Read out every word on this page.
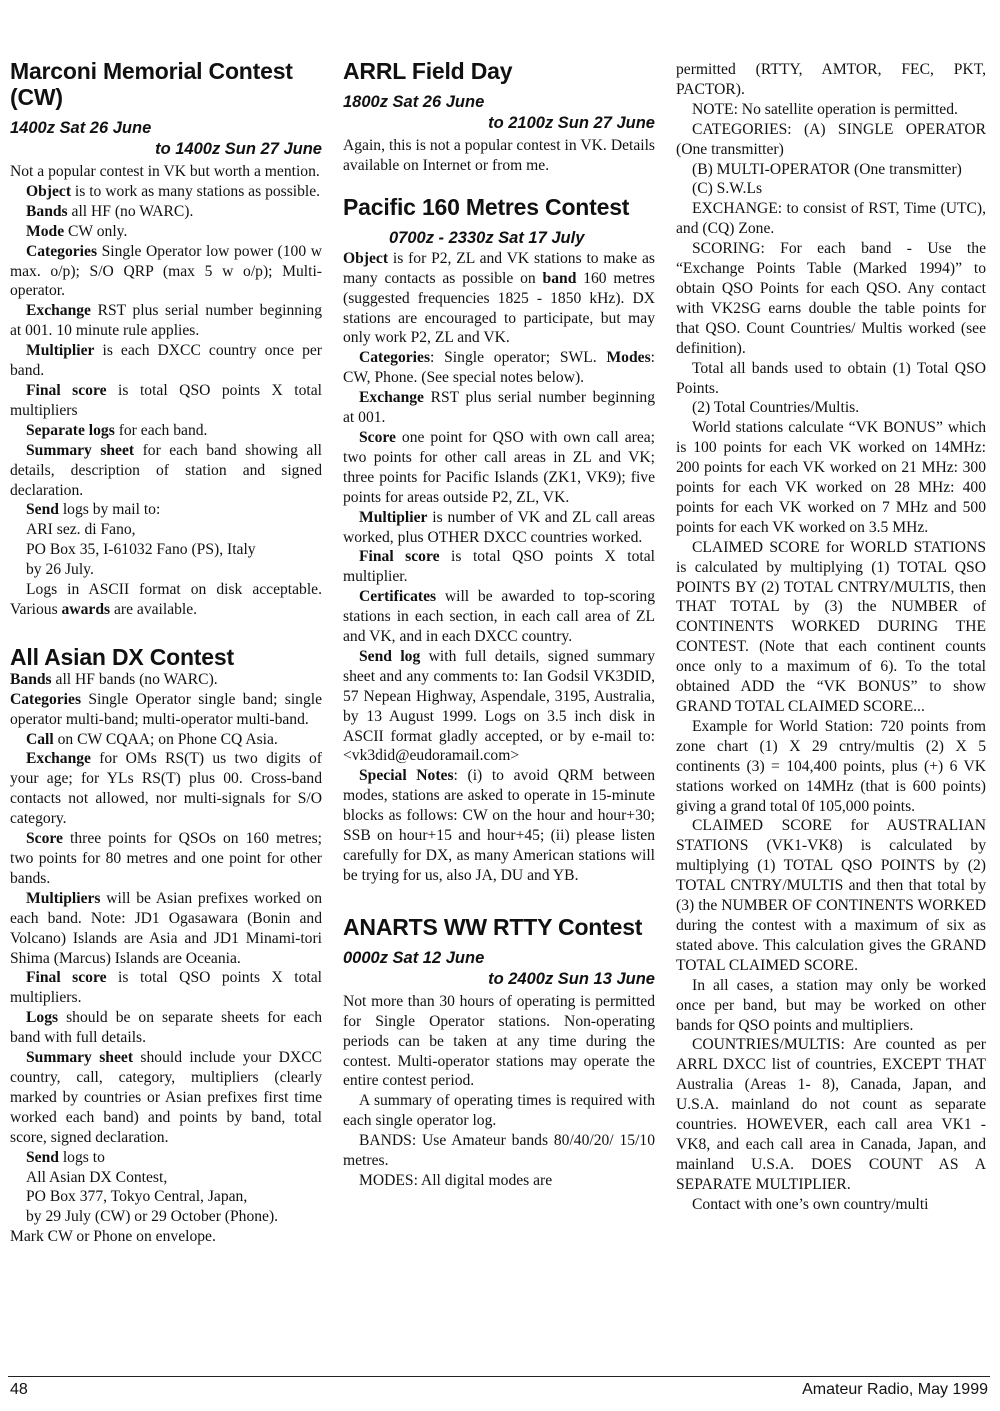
Marconi Memorial Contest (CW)
1400z Sat 26 June
to 1400z Sun 27 June

Not a popular contest in VK but worth a mention.

Object is to work as many stations as possible.

Bands all HF (no WARC).

Mode CW only.

Categories Single Operator low power (100 w max. o/p); S/O QRP (max 5 w o/p); Multi-operator.

Exchange RST plus serial number beginning at 001. 10 minute rule applies.

Multiplier is each DXCC country once per band.

Final score is total QSO points X total multipliers

Separate logs for each band.

Summary sheet for each band showing all details, description of station and signed declaration.

Send logs by mail to:

ARI sez. di Fano,

PO Box 35, I-61032 Fano (PS), Italy

by 26 July.

Logs in ASCII format on disk acceptable. Various awards are available.

All Asian DX Contest

Bands all HF bands (no WARC).

Categories Single Operator single band; single operator multi-band; multi-operator multi-band.

Call on CW CQAA; on Phone CQ Asia.

Exchange for OMs RS(T) us two digits of your age; for YLs RS(T) plus 00. Cross-band contacts not allowed, nor multi-signals for S/O category.

Score three points for QSOs on 160 metres; two points for 80 metres and one point for other bands.

Multipliers will be Asian prefixes worked on each band. Note: JD1 Ogasawara (Bonin and Volcano) Islands are Asia and JD1 Minami-tori Shima (Marcus) Islands are Oceania.

Final score is total QSO points X total multipliers.

Logs should be on separate sheets for each band with full details.

Summary sheet should include your DXCC country, call, category, multipliers (clearly marked by countries or Asian prefixes first time worked each band) and points by band, total score, signed declaration.

Send logs to

All Asian DX Contest,

PO Box 377, Tokyo Central, Japan,

by 29 July (CW) or 29 October (Phone).

Mark CW or Phone on envelope.

ARRL Field Day
1800z Sat 26 June
to 2100z Sun 27 June

Again, this is not a popular contest in VK. Details available on Internet or from me.

Pacific 160 Metres Contest
0700z - 2330z Sat 17 July

Object is for P2, ZL and VK stations to make as many contacts as possible on band 160 metres (suggested frequencies 1825 - 1850 kHz). DX stations are encouraged to participate, but may only work P2, ZL and VK.

Categories: Single operator; SWL. Modes: CW, Phone. (See special notes below).

Exchange RST plus serial number beginning at 001.

Score one point for QSO with own call area; two points for other call areas in ZL and VK; three points for Pacific Islands (ZK1, VK9); five points for areas outside P2, ZL, VK.

Multiplier is number of VK and ZL call areas worked, plus OTHER DXCC countries worked.

Final score is total QSO points X total multiplier.

Certificates will be awarded to top-scoring stations in each section, in each call area of ZL and VK, and in each DXCC country.

Send log with full details, signed summary sheet and any comments to: Ian Godsil VK3DID, 57 Nepean Highway, Aspendale, 3195, Australia, by 13 August 1999. Logs on 3.5 inch disk in ASCII format gladly accepted, or by e-mail to: <vk3did@eudoramail.com>

Special Notes: (i) to avoid QRM between modes, stations are asked to operate in 15-minute blocks as follows: CW on the hour and hour+30; SSB on hour+15 and hour+45; (ii) please listen carefully for DX, as many American stations will be trying for us, also JA, DU and YB.

ANARTS WW RTTY Contest
0000z Sat 12 June
to 2400z Sun 13 June

Not more than 30 hours of operating is permitted for Single Operator stations. Non-operating periods can be taken at any time during the contest. Multi-operator stations may operate the entire contest period.

A summary of operating times is required with each single operator log.

BANDS: Use Amateur bands 80/40/20/ 15/10 metres.

MODES: All digital modes are

permitted (RTTY, AMTOR, FEC, PKT, PACTOR).

NOTE: No satellite operation is permitted.

CATEGORIES: (A) SINGLE OPERATOR (One transmitter)

(B) MULTI-OPERATOR (One transmitter)

(C) S.W.Ls

EXCHANGE: to consist of RST, Time (UTC), and (CQ) Zone.

SCORING: For each band - Use the “Exchange Points Table (Marked 1994)” to obtain QSO Points for each QSO. Any contact with VK2SG earns double the table points for that QSO. Count Countries/ Multis worked (see definition).

Total all bands used to obtain (1) Total QSO Points.

(2) Total Countries/Multis.

World stations calculate “VK BONUS” which is 100 points for each VK worked on 14MHz: 200 points for each VK worked on 21 MHz: 300 points for each VK worked on 28 MHz: 400 points for each VK worked on 7 MHz and 500 points for each VK worked on 3.5 MHz.

CLAIMED SCORE for WORLD STATIONS is calculated by multiplying (1) TOTAL QSO POINTS BY (2) TOTAL CNTRY/MULTIS, then THAT TOTAL by (3) the NUMBER of CONTINENTS WORKED DURING THE CONTEST. (Note that each continent counts once only to a maximum of 6). To the total obtained ADD the “VK BONUS” to show GRAND TOTAL CLAIMED SCORE...

Example for World Station: 720 points from zone chart (1) X 29 cntry/multis (2) X 5 continents (3) = 104,400 points, plus (+) 6 VK stations worked on 14MHz (that is 600 points) giving a grand total 0f 105,000 points.

CLAIMED SCORE for AUSTRALIAN STATIONS (VK1-VK8) is calculated by multiplying (1) TOTAL QSO POINTS by (2) TOTAL CNTRY/MULTIS and then that total by (3) the NUMBER OF CONTINENTS WORKED during the contest with a maximum of six as stated above. This calculation gives the GRAND TOTAL CLAIMED SCORE.

In all cases, a station may only be worked once per band, but may be worked on other bands for QSO points and multipliers.

COUNTRIES/MULTIS: Are counted as per ARRL DXCC list of countries, EXCEPT THAT Australia (Areas 1- 8), Canada, Japan, and U.S.A. mainland do not count as separate countries. HOWEVER, each call area VK1 - VK8, and each call area in Canada, Japan, and mainland U.S.A. DOES COUNT AS A SEPARATE MULTIPLIER.

Contact with one’s own country/multi

48	Amateur Radio, May 1999
